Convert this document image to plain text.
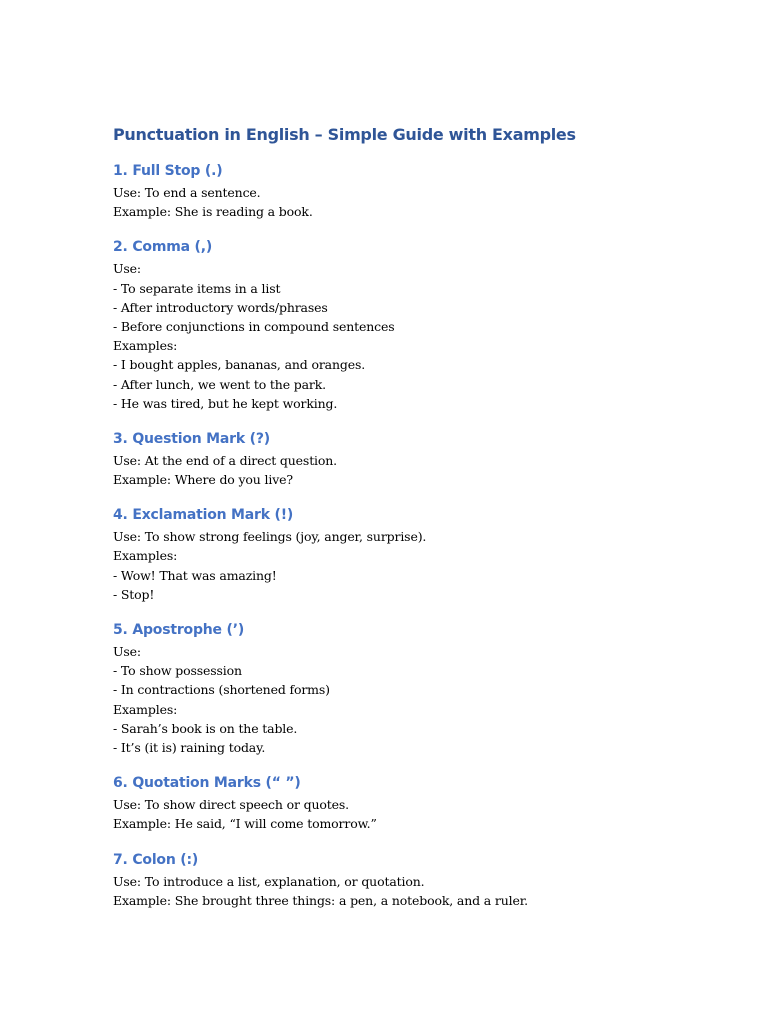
Punctuation in English – Simple Guide with Examples
1. Full Stop (.)

Use: To end a sentence.

Example: She is reading a book.

2. Comma (,)

Use:

- To separate items in a list

- After introductory words/phrases

- Before conjunctions in compound sentences

Examples:

- I bought apples, bananas, and oranges.

- After lunch, we went to the park.

- He was tired, but he kept working.

3. Question Mark (?)

Use: At the end of a direct question.

Example: Where do you live?

4. Exclamation Mark (!)

Use: To show strong feelings (joy, anger, surprise).

Examples:

- Wow! That was amazing!

- Stop!

5. Apostrophe (’)

Use:

- To show possession

- In contractions (shortened forms)

Examples:

- Sarah’s book is on the table.

- It’s (it is) raining today.

6. Quotation Marks (“ ”)

Use: To show direct speech or quotes.

Example: He said, “I will come tomorrow.”

7. Colon (:)

Use: To introduce a list, explanation, or quotation.

Example: She brought three things: a pen, a notebook, and a ruler.
